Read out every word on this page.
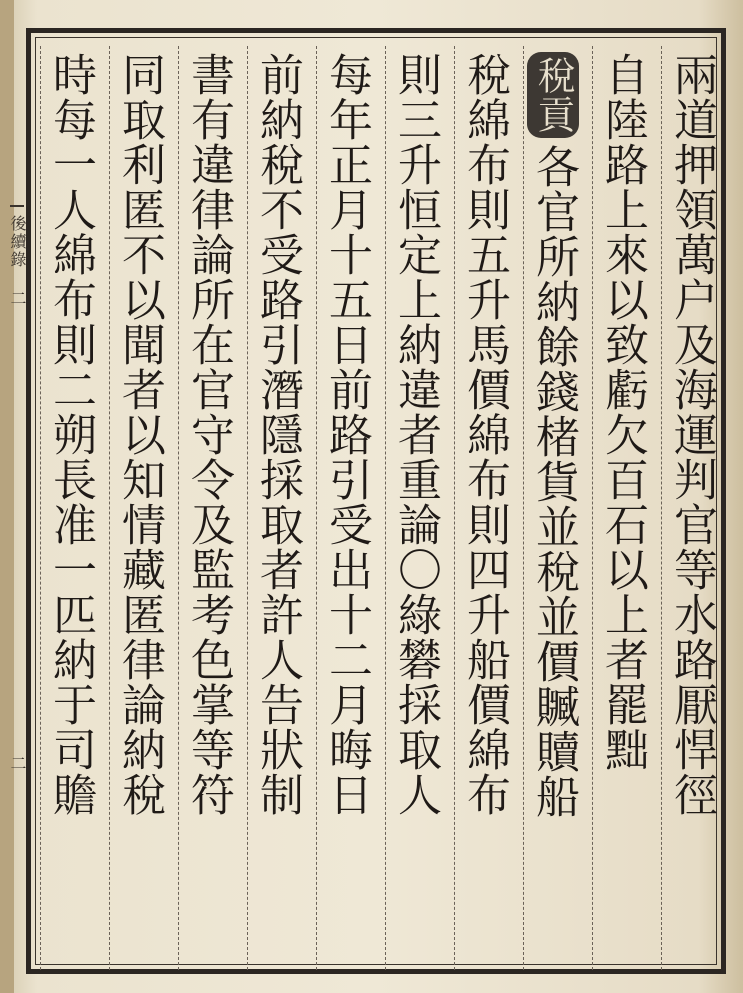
後續錄 二
二	兩道押領萬户及海運判官等水路厭悍徑
自陸路上來以致虧欠百石以上者罷黜
稅貢各官所納餘錢楮貨並稅並價贓贖船
稅綿布則五升馬價綿布則四升船價綿布
則三升恒定上納違者重論〇綠礬採取人
每年正月十五日前路引受出十二月晦日
前納稅不受路引潛隱採取者許人告狀制
書有違律論所在官守令及監考色掌等符
同取利匿不以聞者以知情藏匿律論納稅
時每一人綿布則二朔長准一匹納于司贍
